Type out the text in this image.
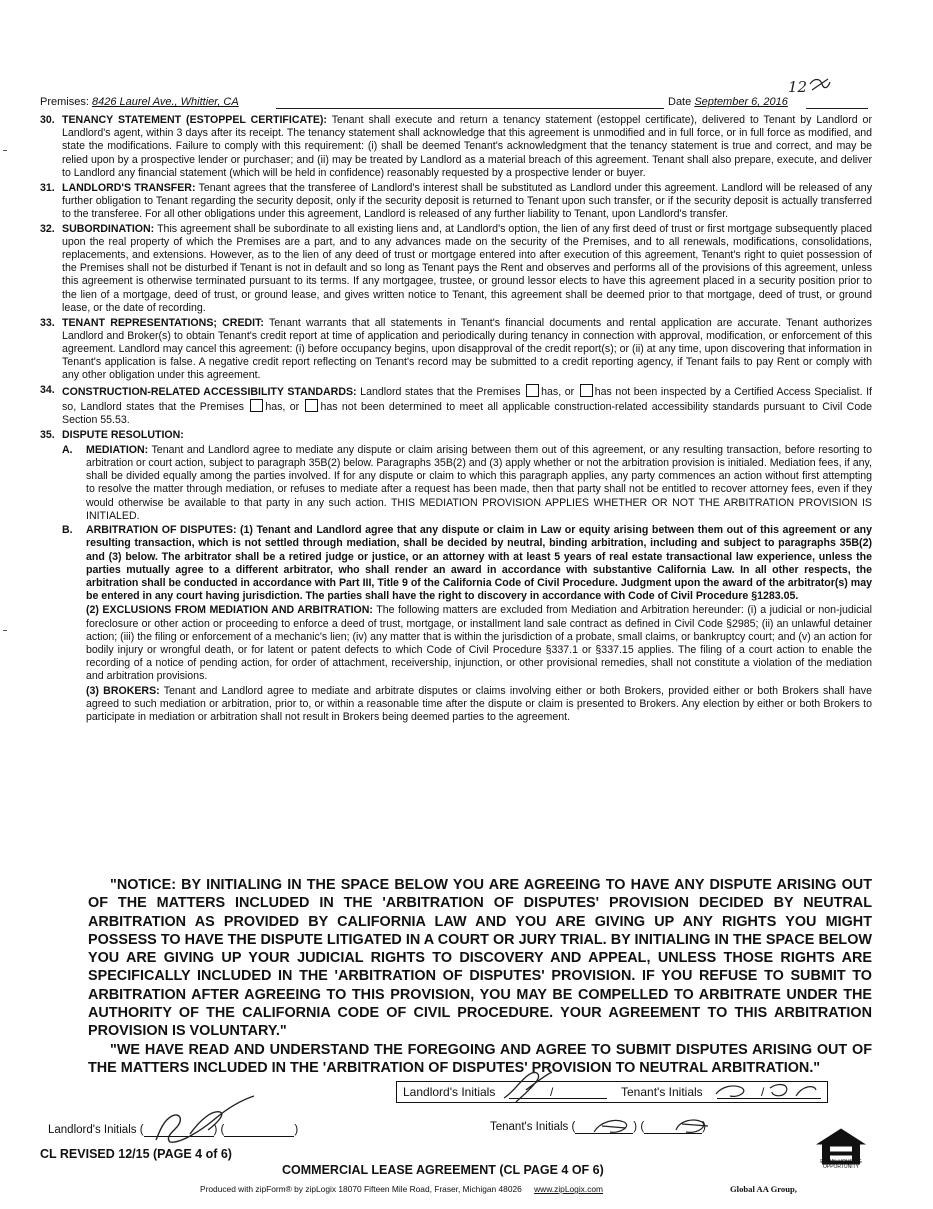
12
Premises: 8426 Laurel Ave., Whittier, CA	Date September 6, 2016
30. TENANCY STATEMENT (ESTOPPEL CERTIFICATE): Tenant shall execute and return a tenancy statement (estoppel certificate), delivered to Tenant by Landlord or Landlord's agent, within 3 days after its receipt. The tenancy statement shall acknowledge that this agreement is unmodified and in full force, or in full force as modified, and state the modifications. Failure to comply with this requirement: (i) shall be deemed Tenant's acknowledgment that the tenancy statement is true and correct, and may be relied upon by a prospective lender or purchaser; and (ii) may be treated by Landlord as a material breach of this agreement. Tenant shall also prepare, execute, and deliver to Landlord any financial statement (which will be held in confidence) reasonably requested by a prospective lender or buyer.
31. LANDLORD'S TRANSFER: Tenant agrees that the transferee of Landlord's interest shall be substituted as Landlord under this agreement. Landlord will be released of any further obligation to Tenant regarding the security deposit, only if the security deposit is returned to Tenant upon such transfer, or if the security deposit is actually transferred to the transferee. For all other obligations under this agreement, Landlord is released of any further liability to Tenant, upon Landlord's transfer.
32. SUBORDINATION: This agreement shall be subordinate to all existing liens and, at Landlord's option, the lien of any first deed of trust or first mortgage subsequently placed upon the real property of which the Premises are a part, and to any advances made on the security of the Premises, and to all renewals, modifications, consolidations, replacements, and extensions. However, as to the lien of any deed of trust or mortgage entered into after execution of this agreement, Tenant's right to quiet possession of the Premises shall not be disturbed if Tenant is not in default and so long as Tenant pays the Rent and observes and performs all of the provisions of this agreement, unless this agreement is otherwise terminated pursuant to its terms. If any mortgagee, trustee, or ground lessor elects to have this agreement placed in a security position prior to the lien of a mortgage, deed of trust, or ground lease, and gives written notice to Tenant, this agreement shall be deemed prior to that mortgage, deed of trust, or ground lease, or the date of recording.
33. TENANT REPRESENTATIONS; CREDIT: Tenant warrants that all statements in Tenant's financial documents and rental application are accurate. Tenant authorizes Landlord and Broker(s) to obtain Tenant's credit report at time of application and periodically during tenancy in connection with approval, modification, or enforcement of this agreement. Landlord may cancel this agreement: (i) before occupancy begins, upon disapproval of the credit report(s); or (ii) at any time, upon discovering that information in Tenant's application is false. A negative credit report reflecting on Tenant's record may be submitted to a credit reporting agency, if Tenant fails to pay Rent or comply with any other obligation under this agreement.
34. CONSTRUCTION-RELATED ACCESSIBILITY STANDARDS: Landlord states that the Premises has, or has not been inspected by a Certified Access Specialist. If so, Landlord states that the Premises has, or has not been determined to meet all applicable construction-related accessibility standards pursuant to Civil Code Section 55.53.
35. DISPUTE RESOLUTION:
A. MEDIATION: Tenant and Landlord agree to mediate any dispute or claim arising between them out of this agreement, or any resulting transaction, before resorting to arbitration or court action, subject to paragraph 35B(2) below. Paragraphs 35B(2) and (3) apply whether or not the arbitration provision is initialed. Mediation fees, if any, shall be divided equally among the parties involved. If for any dispute or claim to which this paragraph applies, any party commences an action without first attempting to resolve the matter through mediation, or refuses to mediate after a request has been made, then that party shall not be entitled to recover attorney fees, even if they would otherwise be available to that party in any such action. THIS MEDIATION PROVISION APPLIES WHETHER OR NOT THE ARBITRATION PROVISION IS INITIALED.
B. ARBITRATION OF DISPUTES: (1) Tenant and Landlord agree that any dispute or claim in Law or equity arising between them out of this agreement or any resulting transaction, which is not settled through mediation, shall be decided by neutral, binding arbitration, including and subject to paragraphs 35B(2) and (3) below. The arbitrator shall be a retired judge or justice, or an attorney with at least 5 years of real estate transactional law experience, unless the parties mutually agree to a different arbitrator, who shall render an award in accordance with substantive California Law. In all other respects, the arbitration shall be conducted in accordance with Part III, Title 9 of the California Code of Civil Procedure. Judgment upon the award of the arbitrator(s) may be entered in any court having jurisdiction. The parties shall have the right to discovery in accordance with Code of Civil Procedure §1283.05.
(2) EXCLUSIONS FROM MEDIATION AND ARBITRATION: The following matters are excluded from Mediation and Arbitration hereunder: (i) a judicial or non-judicial foreclosure or other action or proceeding to enforce a deed of trust, mortgage, or installment land sale contract as defined in Civil Code §2985; (ii) an unlawful detainer action; (iii) the filing or enforcement of a mechanic's lien; (iv) any matter that is within the jurisdiction of a probate, small claims, or bankruptcy court; and (v) an action for bodily injury or wrongful death, or for latent or patent defects to which Code of Civil Procedure §337.1 or §337.15 applies. The filing of a court action to enable the recording of a notice of pending action, for order of attachment, receivership, injunction, or other provisional remedies, shall not constitute a violation of the mediation and arbitration provisions.
(3) BROKERS: Tenant and Landlord agree to mediate and arbitrate disputes or claims involving either or both Brokers, provided either or both Brokers shall have agreed to such mediation or arbitration, prior to, or within a reasonable time after the dispute or claim is presented to Brokers. Any election by either or both Brokers to participate in mediation or arbitration shall not result in Brokers being deemed parties to the agreement.

"NOTICE: BY INITIALING IN THE SPACE BELOW YOU ARE AGREEING TO HAVE ANY DISPUTE ARISING OUT OF THE MATTERS INCLUDED IN THE 'ARBITRATION OF DISPUTES' PROVISION DECIDED BY NEUTRAL ARBITRATION AS PROVIDED BY CALIFORNIA LAW AND YOU ARE GIVING UP ANY RIGHTS YOU MIGHT POSSESS TO HAVE THE DISPUTE LITIGATED IN A COURT OR JURY TRIAL. BY INITIALING IN THE SPACE BELOW YOU ARE GIVING UP YOUR JUDICIAL RIGHTS TO DISCOVERY AND APPEAL, UNLESS THOSE RIGHTS ARE SPECIFICALLY INCLUDED IN THE 'ARBITRATION OF DISPUTES' PROVISION. IF YOU REFUSE TO SUBMIT TO ARBITRATION AFTER AGREEING TO THIS PROVISION, YOU MAY BE COMPELLED TO ARBITRATE UNDER THE AUTHORITY OF THE CALIFORNIA CODE OF CIVIL PROCEDURE. YOUR AGREEMENT TO THIS ARBITRATION PROVISION IS VOLUNTARY."

"WE HAVE READ AND UNDERSTAND THE FOREGOING AND AGREE TO SUBMIT DISPUTES ARISING OUT OF THE MATTERS INCLUDED IN THE 'ARBITRATION OF DISPUTES' PROVISION TO NEUTRAL ARBITRATION."

Landlord's Initials	/	Tenant's Initials	/
Landlord's Initials (	) (	)	Tenant's Initials (	) (	)
EQUAL HOUSING OPPORTUNITY
CL REVISED 12/15 (PAGE 4 of 6)
COMMERCIAL LEASE AGREEMENT (CL PAGE 4 OF 6)
Produced with zipForm® by zipLogix 18070 Fifteen Mile Road, Fraser, Michigan 48026 www.zipLogix.com	Global AA Group,
